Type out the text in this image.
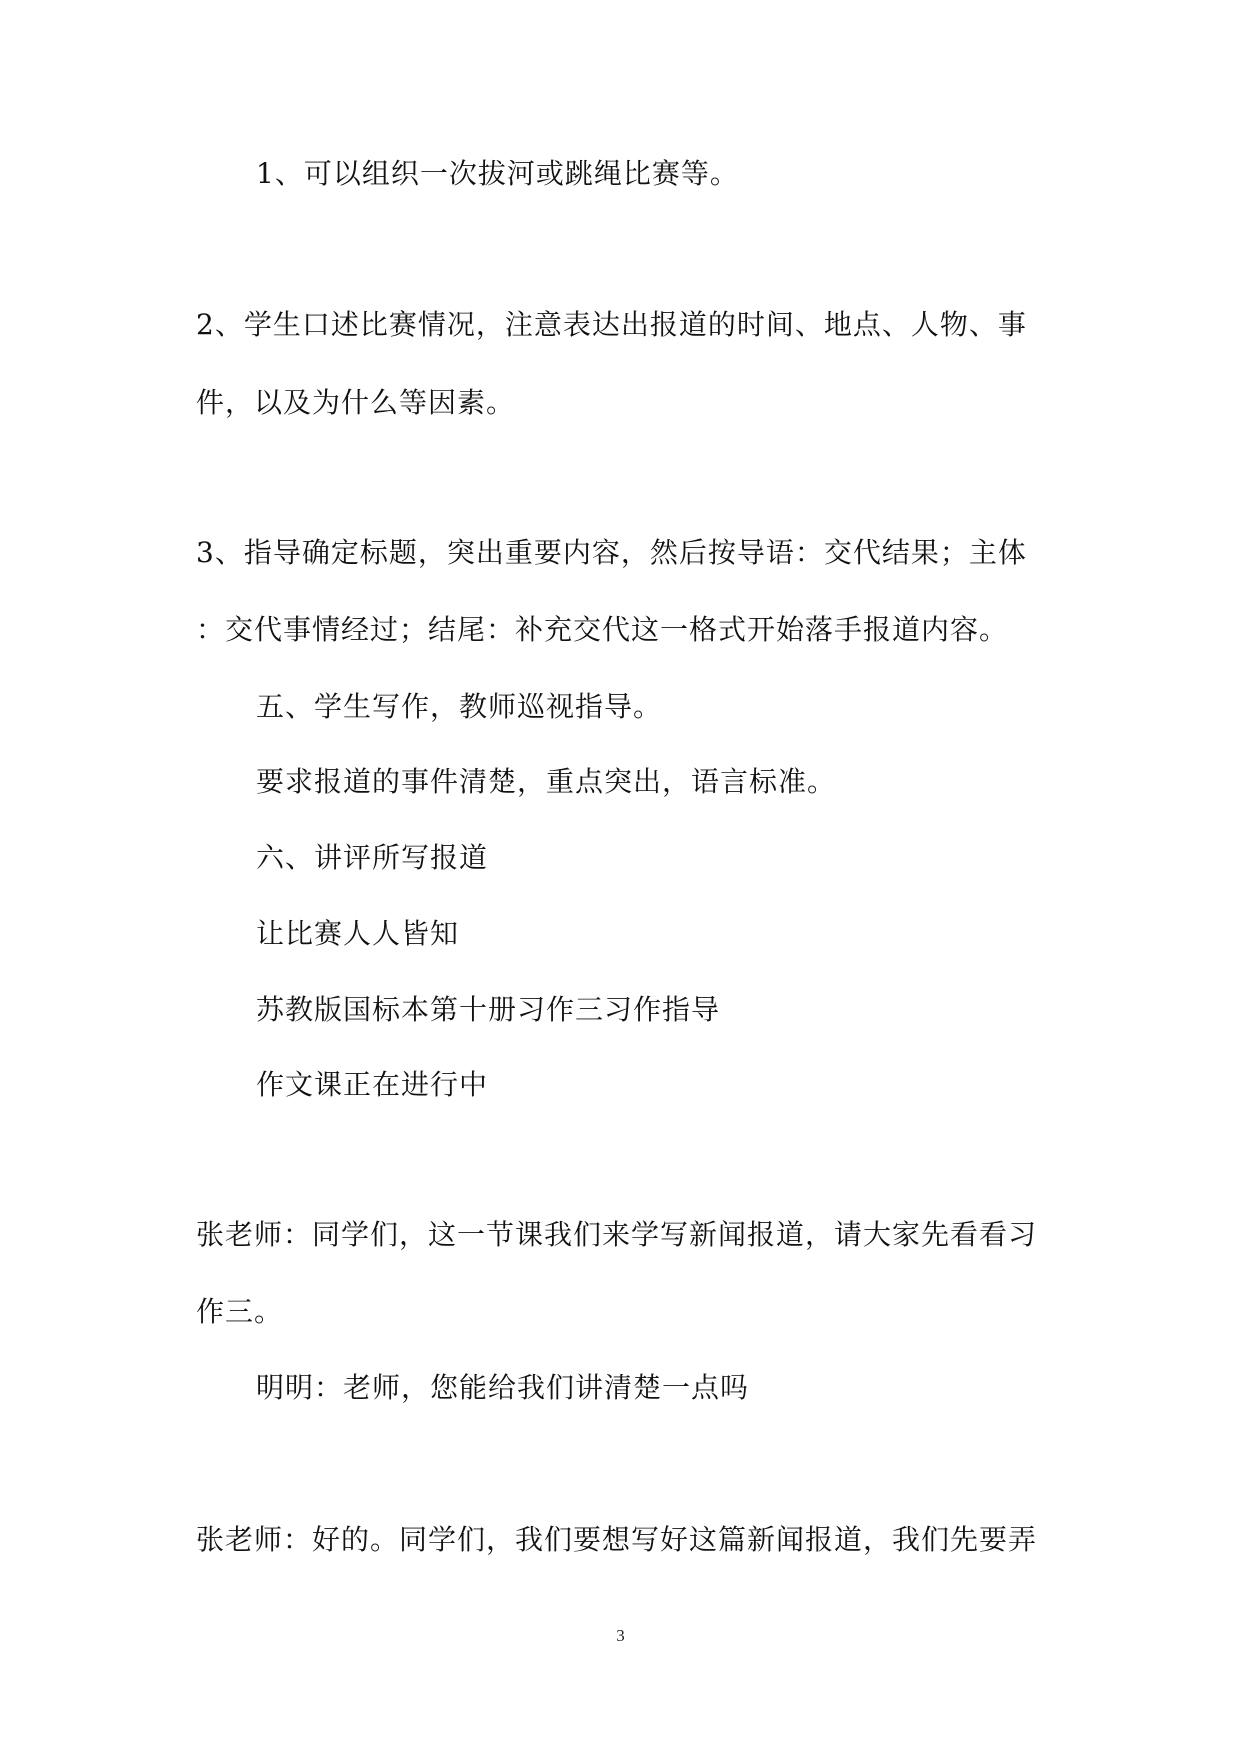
1、可以组织一次拔河或跳绳比赛等。

2、学生口述比赛情况，注意表达出报道的时间、地点、人物、事

件，以及为什么等因素。

3、指导确定标题，突出重要内容，然后按导语：交代结果；主体

：交代事情经过；结尾：补充交代这一格式开始落手报道内容。

五、学生写作，教师巡视指导。

要求报道的事件清楚，重点突出，语言标准。

六、讲评所写报道

让比赛人人皆知

苏教版国标本第十册习作三习作指导

作文课正在进行中

张老师：同学们，这一节课我们来学写新闻报道，请大家先看看习

作三。

明明：老师，您能给我们讲清楚一点吗

张老师：好的。同学们，我们要想写好这篇新闻报道，我们先要弄

3
